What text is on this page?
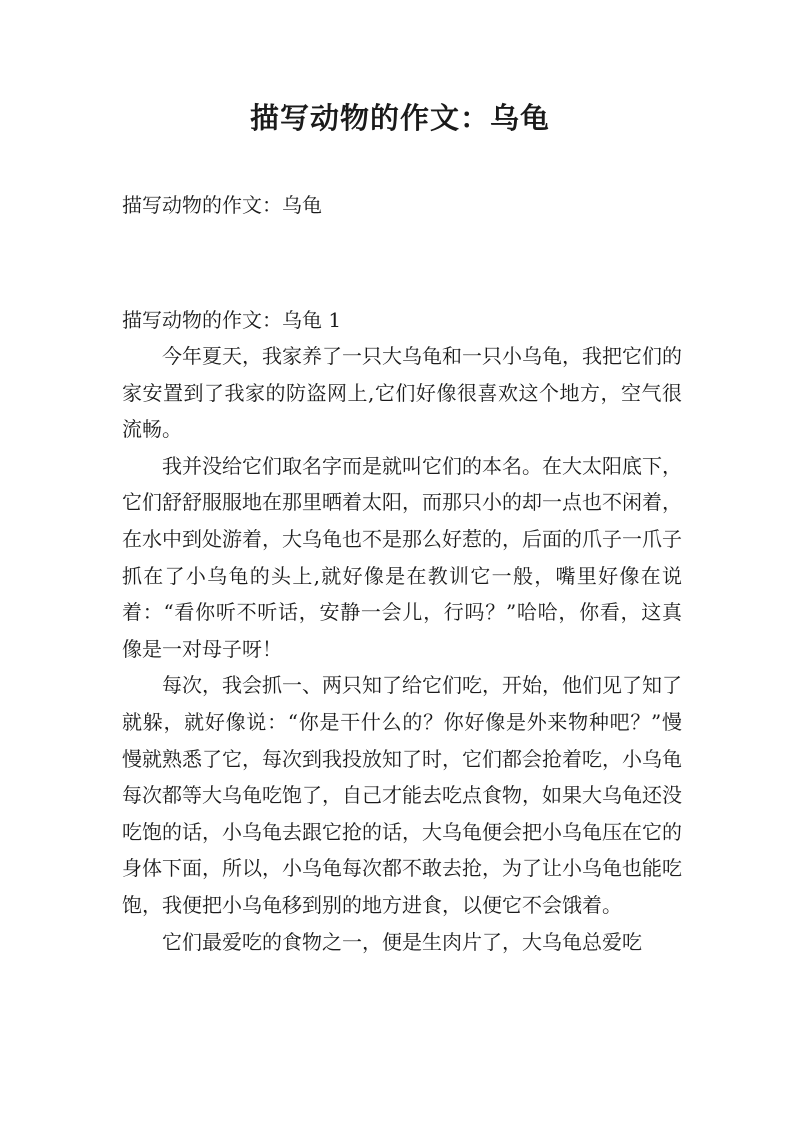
描写动物的作文：乌龟

描写动物的作文：乌龟

描写动物的作文：乌龟 1

今年夏天，我家养了一只大乌龟和一只小乌龟，我把它们的家安置到了我家的防盗网上,它们好像很喜欢这个地方，空气很流畅。

我并没给它们取名字而是就叫它们的本名。在大太阳底下，它们舒舒服服地在那里晒着太阳，而那只小的却一点也不闲着，在水中到处游着，大乌龟也不是那么好惹的，后面的爪子一爪子抓在了小乌龟的头上,就好像是在教训它一般，嘴里好像在说着：“看你听不听话，安静一会儿，行吗？”哈哈，你看，这真像是一对母子呀！

每次，我会抓一、两只知了给它们吃，开始，他们见了知了就躲，就好像说：“你是干什么的？你好像是外来物种吧？”慢慢就熟悉了它，每次到我投放知了时，它们都会抢着吃，小乌龟每次都等大乌龟吃饱了，自己才能去吃点食物，如果大乌龟还没吃饱的话，小乌龟去跟它抢的话，大乌龟便会把小乌龟压在它的身体下面，所以，小乌龟每次都不敢去抢，为了让小乌龟也能吃饱，我便把小乌龟移到别的地方进食，以便它不会饿着。

它们最爱吃的食物之一，便是生肉片了，大乌龟总爱吃
